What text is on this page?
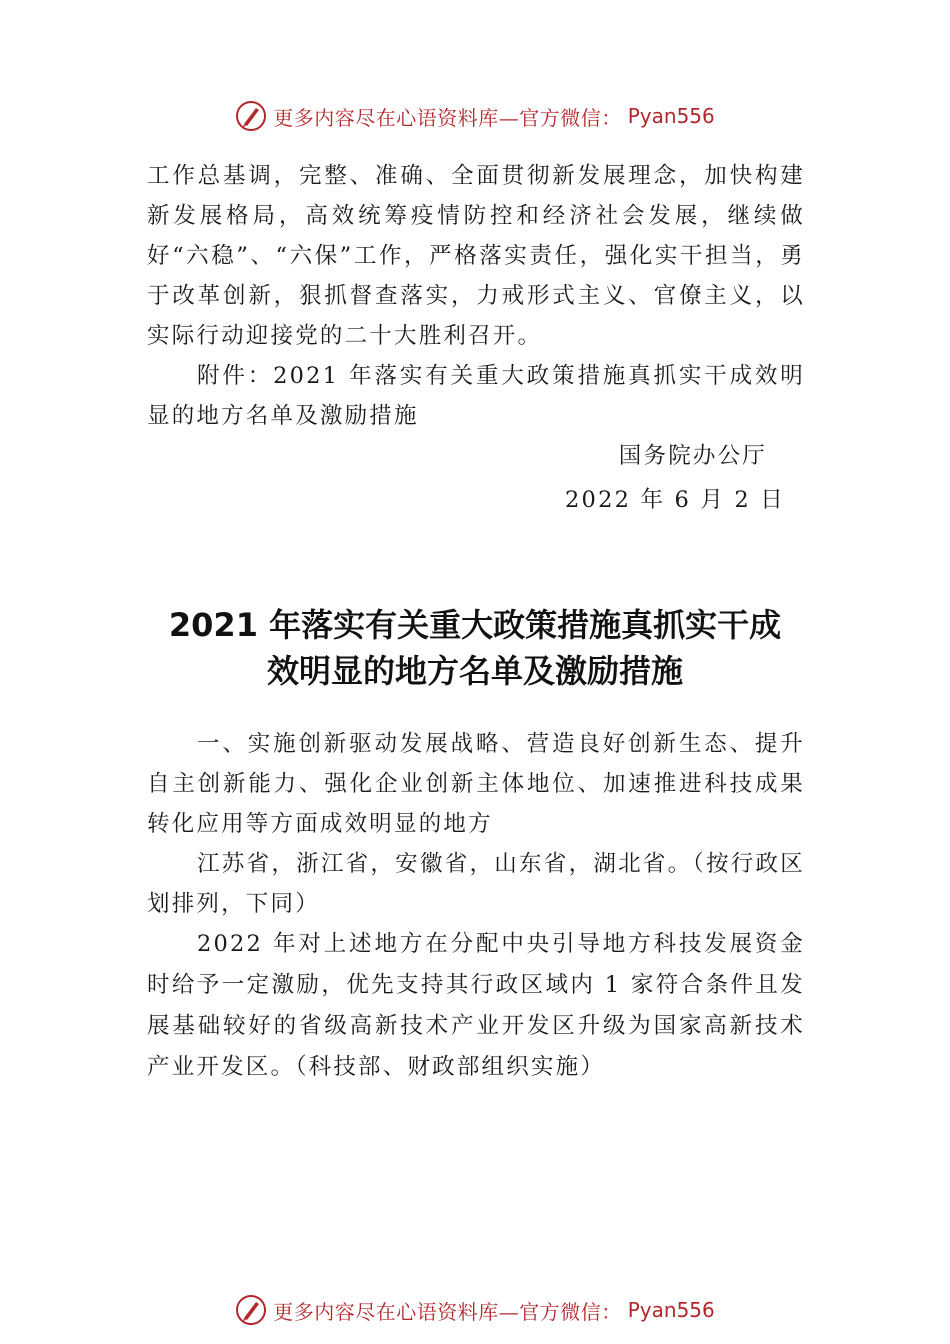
更多内容尽在心语资料库—官方微信： Pyan556

工作总基调，完整、准确、全面贯彻新发展理念，加快构建新发展格局，高效统筹疫情防控和经济社会发展，继续做好“六稳”、“六保”工作，严格落实责任，强化实干担当，勇于改革创新，狠抓督查落实，力戒形式主义、官僚主义，以实际行动迎接党的二十大胜利召开。

附件：2021 年落实有关重大政策措施真抓实干成效明显的地方名单及激励措施

国务院办公厅

2022 年 6 月 2 日

2021 年落实有关重大政策措施真抓实干成
效明显的地方名单及激励措施

一、实施创新驱动发展战略、营造良好创新生态、提升自主创新能力、强化企业创新主体地位、加速推进科技成果转化应用等方面成效明显的地方

江苏省，浙江省，安徽省，山东省，湖北省。（按行政区划排列，下同）

2022 年对上述地方在分配中央引导地方科技发展资金时给予一定激励，优先支持其行政区域内 1 家符合条件且发展基础较好的省级高新技术产业开发区升级为国家高新技术产业开发区。（科技部、财政部组织实施）

更多内容尽在心语资料库—官方微信： Pyan556
